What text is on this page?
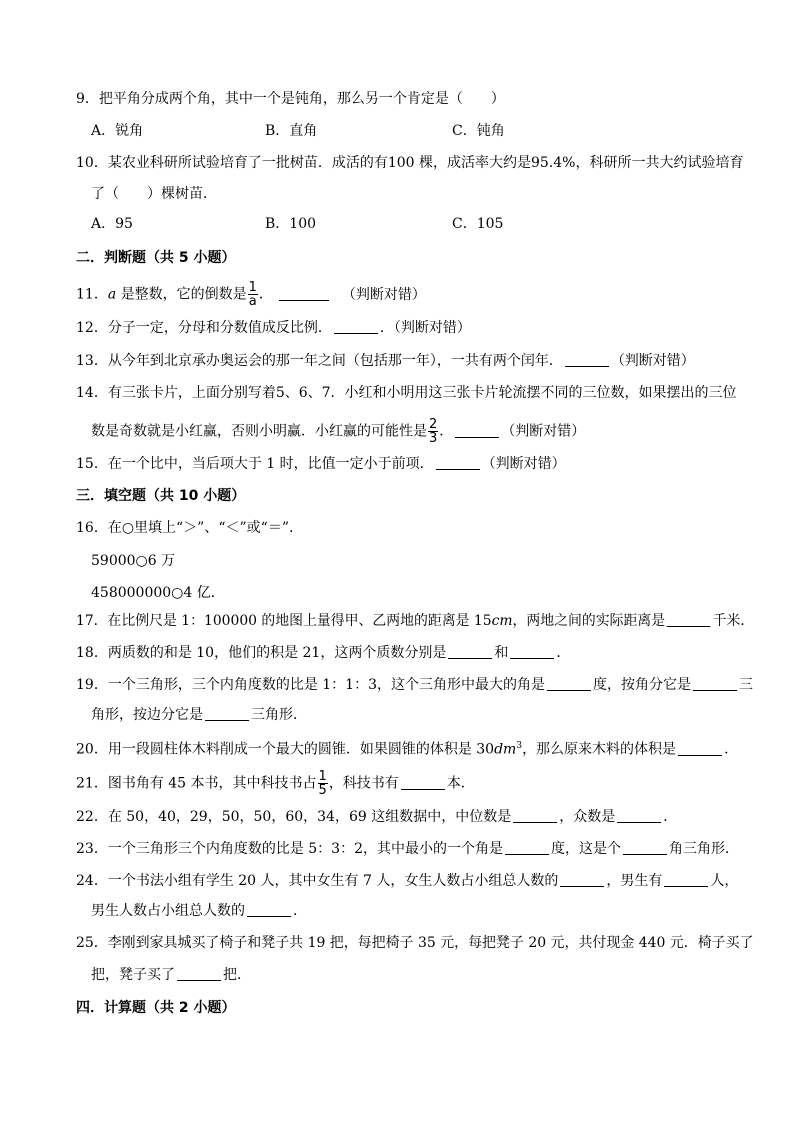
9．把平角分成两个角，其中一个是钝角，那么另一个肯定是（　　）
A．锐角	B．直角	C．钝角
10．某农业科研所试验培育了一批树苗．成活的有100 棵，成活率大约是95.4%，科研所一共大约试验培育
了（　　）棵树苗．
A．95	B．100	C．105
二．判断题（共 5 小题）
11．a 是整数，它的倒数是 $\frac{1}{a}$ ．	（判断对错）
12．分子一定，分母和分数值成反比例．	．（判断对错）
13．从今年到北京承办奥运会的那一年之间（包括那一年），一共有两个闰年．	（判断对错）
14．有三张卡片，上面分别写着5、6、7．小红和小明用这三张卡片轮流摆不同的三位数，如果摆出的三位
数是奇数就是小红赢，否则小明赢．小红赢的可能性是 $\frac{2}{3}$ ．	（判断对错）
15．在一个比中，当后项大于 1 时，比值一定小于前项．	（判断对错）
三．填空题（共 10 小题）
16．在○里填上“＞”、“＜”或“＝”．
59000○6 万
458000000○4 亿．
17．在比例尺是 1：100000 的地图上量得甲、乙两地的距离是 15cm，两地之间的实际距离是	千米．
18．两质数的和是 10，他们的积是 21，这两个质数分别是	和	．
19．一个三角形，三个内角度数的比是 1：1：3，这个三角形中最大的角是	度，按角分它是	三
角形，按边分它是	三角形．
20．用一段圆柱体木料削成一个最大的圆锥．如果圆锥的体积是 $30dm^3$，那么原来木料的体积是	．
21．图书角有 45 本书，其中科技书占 $\frac{1}{5}$ ，科技书有	本．
22．在 50，40，29，50，50，60，34，69 这组数据中，中位数是	，众数是	．
23．一个三角形三个内角度数的比是 5：3：2，其中最小的一个角是	度，这是个	角三角形．
24．一个书法小组有学生 20 人，其中女生有 7 人，女生人数占小组总人数的	，男生有	人，
男生人数占小组总人数的	．
25．李刚到家具城买了椅子和凳子共 19 把，每把椅子 35 元，每把凳子 20 元，共付现金 440 元．椅子买了
把，凳子买了	把．
四．计算题（共 2 小题）
